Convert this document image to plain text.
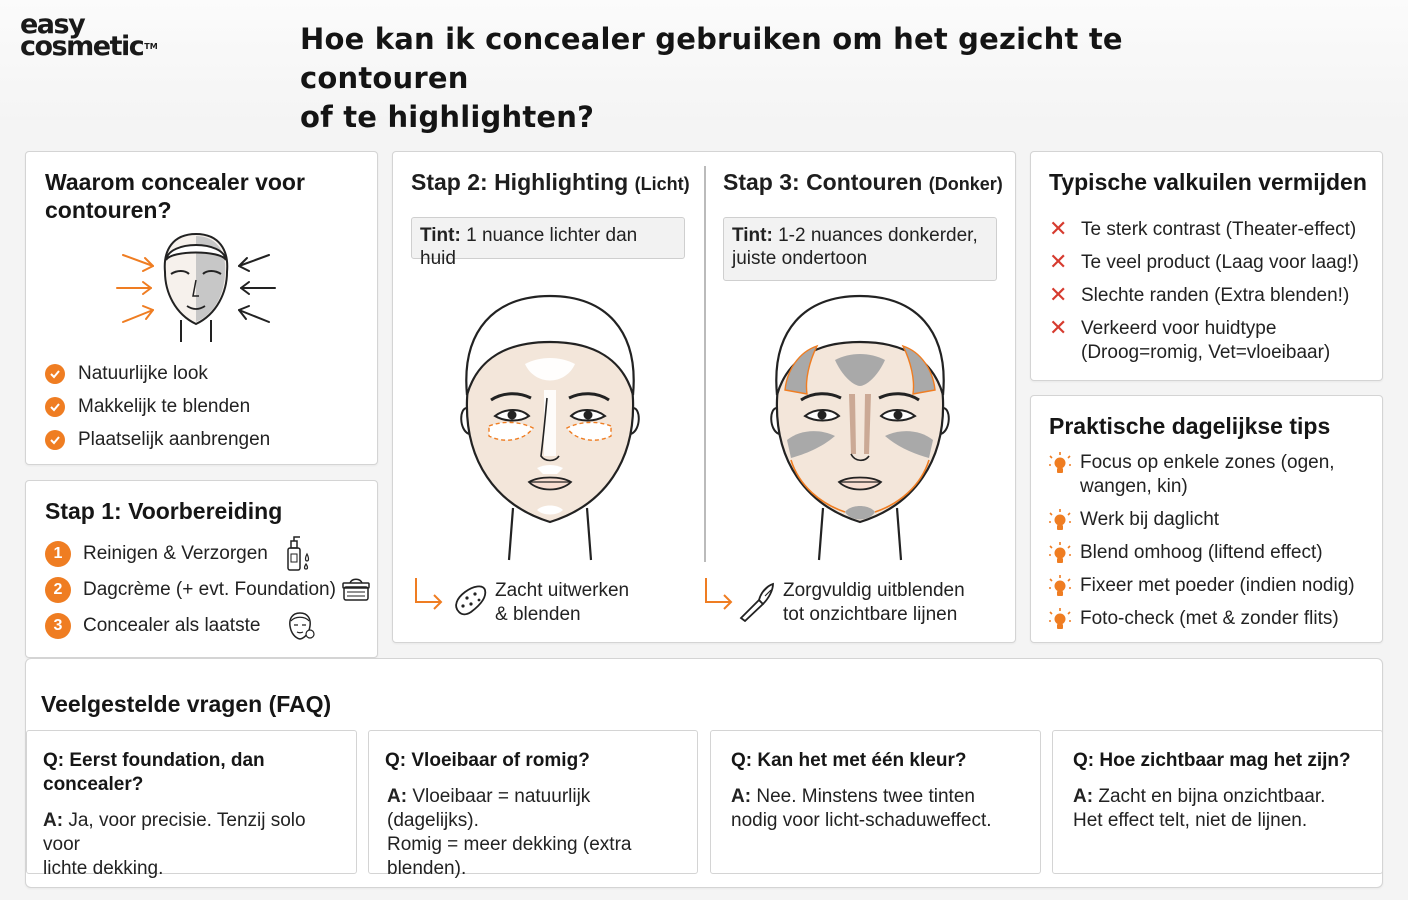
easy
cosmetic™	Hoe kan ik concealer gebruiken om het gezicht te contouren
of te highlighten?
Waarom concealer voor
contouren?
Natuurlijke look
Makkelijk te blenden
Plaatselijk aanbrengen
Stap 1: Voorbereiding
1	Reinigen & Verzorgen
2	Dagcrème (+ evt. Foundation)
3	Concealer als laatste
Stap 2: Highlighting (Licht) Stap 3: Contouren (Donker)
Tint: 1 nuance lichter dan huid
Tint: 1-2 nuances donkerder,
juiste ondertoon
Zacht uitwerken
& blenden
Zorgvuldig uitblenden
tot onzichtbare lijnen
Typische valkuilen vermijden
✕ Te sterk contrast (Theater-effect)
✕ Te veel product (Laag voor laag!)
✕ Slechte randen (Extra blenden!)
✕ Verkeerd voor huidtype
(Droog=romig, Vet=vloeibaar)
Praktische dagelijkse tips
Focus op enkele zones (ogen,
wangen, kin)
Werk bij daglicht
Blend omhoog (liftend effect)
Fixeer met poeder (indien nodig)
Foto-check (met & zonder flits)
Veelgestelde vragen (FAQ)
Q: Eerst foundation, dan concealer?
A: Ja, voor precisie. Tenzij solo voor
lichte dekking.
Q: Vloeibaar of romig?
A: Vloeibaar = natuurlijk (dagelijks).
Romig = meer dekking (extra
blenden).
Q: Kan het met één kleur?
A: Nee. Minstens twee tinten
nodig voor licht-schaduweffect.
Q: Hoe zichtbaar mag het zijn?
A: Zacht en bijna onzichtbaar.
Het effect telt, niet de lijnen.
